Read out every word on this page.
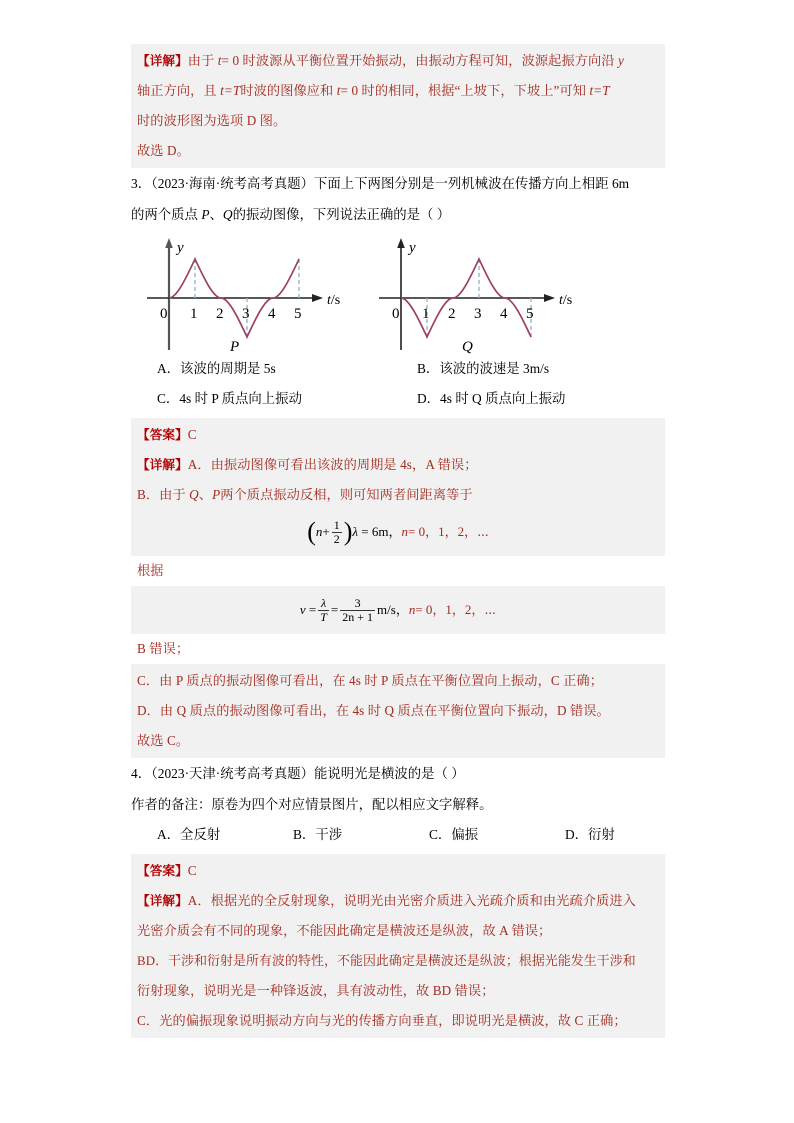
【详解】由于 t= 0 时波源从平衡位置开始振动，由振动方程可知，波源起振方向沿 y
轴正方向，且 t=T时波的图像应和 t= 0 时的相同，根据“上坡下，下坡上”可知 t=T
时的波形图为选项 D 图。
故选 D。
3．（2023·海南·统考高考真题）下面上下两图分别是一列机械波在传播方向上相距 6m
的两个质点 P、Q的振动图像，下列说法正确的是（ ）
0 1 2 3 4 5
y
t/s
P
0 1 2 3 4 5
y
t/s
Q
A．该波的周期是 5s	B．该波的波速是 3m/s
C．4s 时 P 质点向上振动	D．4s 时 Q 质点向上振动
【答案】C
【详解】A．由振动图像可看出该波的周期是 4s，A 错误；
B．由于 Q、P两个质点振动反相，则可知两者间距离等于
$(n+ \frac{1}{2} )\lambda = 6m$，n= 0，1，2，⋯
根据
$v = \frac{\lambda}{T} = \frac{3}{2n + 1} m/s$，n= 0，1，2，⋯
B 错误；
C．由 P 质点的振动图像可看出，在 4s 时 P 质点在平衡位置向上振动，C 正确；
D．由 Q 质点的振动图像可看出，在 4s 时 Q 质点在平衡位置向下振动，D 错误。
故选 C。
4．（2023·天津·统考高考真题）能说明光是横波的是（ ）
作者的备注：原卷为四个对应情景图片，配以相应文字解释。
A．全反射	B．干涉	C．偏振	D．衍射
【答案】C
【详解】A．根据光的全反射现象，说明光由光密介质进入光疏介质和由光疏介质进入
光密介质会有不同的现象，不能因此确定是横波还是纵波，故 A 错误；
BD．干涉和衍射是所有波的特性，不能因此确定是横波还是纵波；根据光能发生干涉和
衍射现象，说明光是一种锋返波，具有波动性，故 BD 错误；
C．光的偏振现象说明振动方向与光的传播方向垂直，即说明光是横波，故 C 正确；
